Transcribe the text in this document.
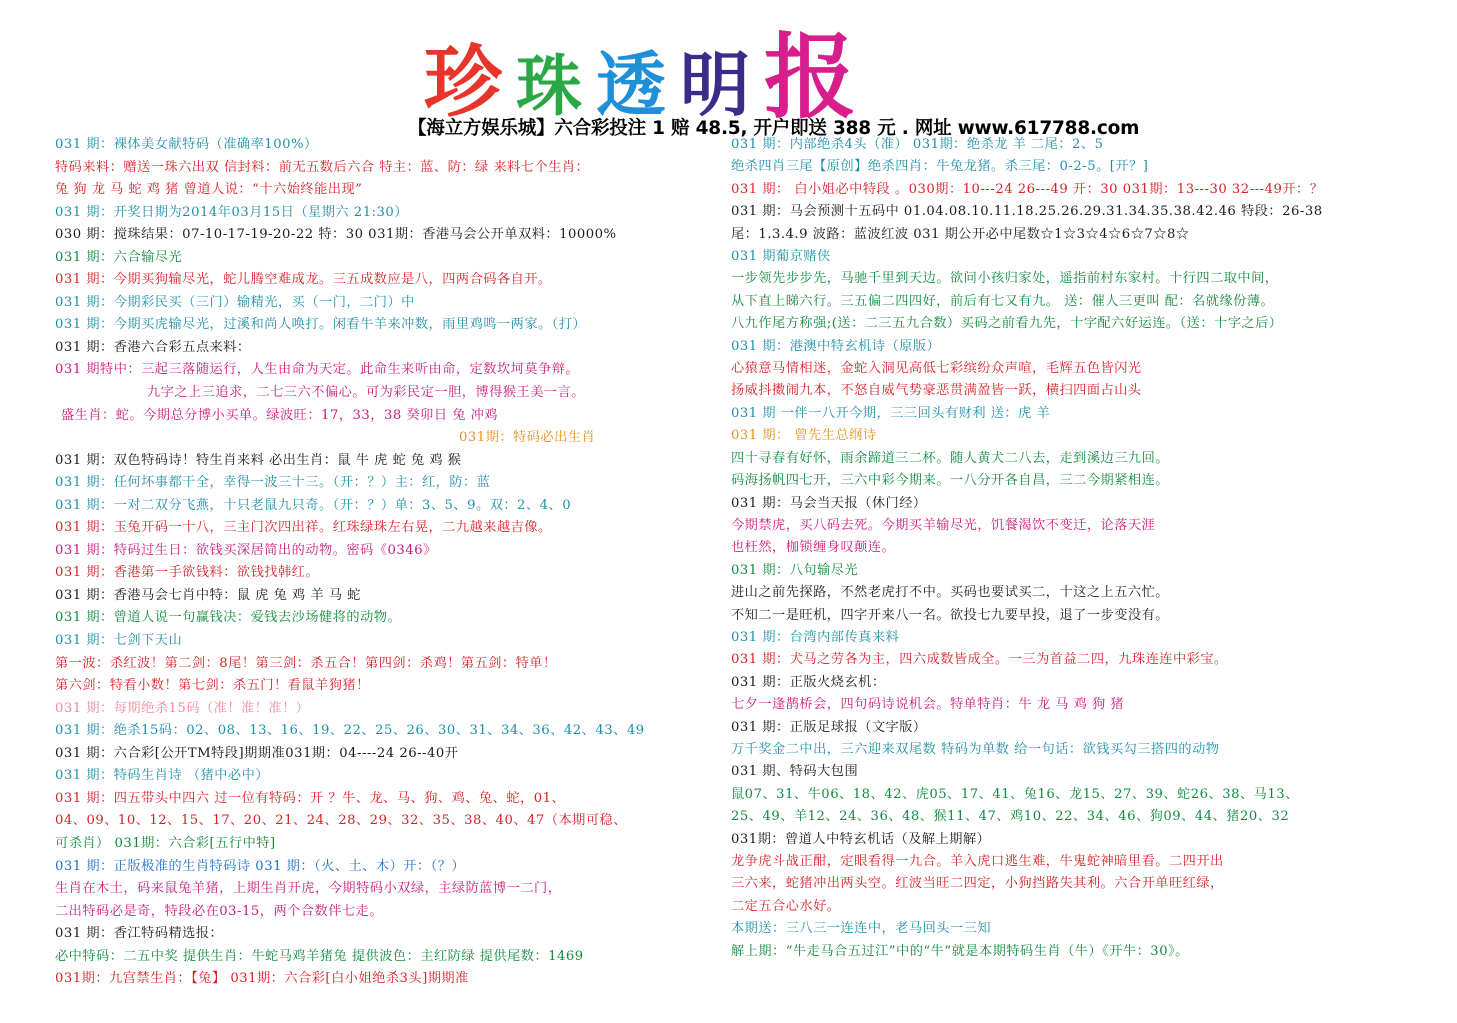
珍珠透明报
【海立方娱乐城】六合彩投注 1 赔 48.5, 开户即送 388 元 . 网址 www.617788.com
031 期：裸体美女献特码（准确率100%）
特码来料：赠送一珠六出双 信封料：前无五数后六合 特主：蓝、防：绿 来料七个生肖：
兔 狗 龙 马 蛇 鸡 猪 曾道人说：“十六始终能出现”
031 期：开奖日期为2014年03月15日（星期六 21:30）
030 期：搅珠结果：07-10-17-19-20-22 特：30 031期：香港马会公开单双料：10000%
031 期：六合输尽光
031 期：今期买狗输尽光，蛇儿腾空难成龙。三五成数应是八，四两合码各自开。
031 期：今期彩民买（三门）输精光，买（一门，二门）中
031 期：今期买虎输尽光，过溪和尚人唤打。闲看牛羊来冲数，雨里鸡鸣一两家。（打）
031 期：香港六合彩五点来料：
031 期特中：三起三落随运行，人生由命为天定。此命生来听由命，定数坎坷莫争辩。
九字之上三追求，二七三六不偏心。可为彩民定一胆，博得猴王美一言。
盛生肖：蛇。今期总分博小买单。绿波旺：17，33，38 癸卯日 兔 冲鸡
031期：特码必出生肖
031 期：双色特码诗！特生肖来料 必出生肖：鼠 牛 虎 蛇 兔 鸡 猴
031 期：任何坏事都干全，幸得一波三十三。（开：？）主：红，防：蓝
031 期：一对二双分飞燕，十只老鼠九只奇。（开：？）单：3、5、9。双：2、4、0
031 期：玉兔开码一十八，三主门次四出祥。红珠绿珠左右晃，二九越来越吉像。
031 期：特码过生日：欲钱买深居简出的动物。密码《0346》
031 期：香港第一手欲钱料：欲钱找韩红。
031 期：香港马会七肖中特：鼠 虎 兔 鸡 羊 马 蛇
031 期：曾道人说一句赢钱决：爱钱去沙场健将的动物。
031 期：七剑下天山
第一波：杀红波！第二剑：8尾！第三剑：杀五合！第四剑：杀鸡！第五剑：特单！
第六剑：特看小数！第七剑：杀五门！看鼠羊狗猪！
031 期：每期绝杀15码（准！准！准！）
031 期：绝杀15码：02、08、13、16、19、22、25、26、30、31、34、36、42、43、49
031 期：六合彩[公开TM特段]期期准031期：04----24 26--40开
031 期：特码生肖诗 （猪中必中）
031 期：四五带头中四六 过一位有特码：开 ？牛、龙、马、狗、鸡、兔、蛇，01、
04、09、10、12、15、17、20、21、24、28、29、32、35、38、40、47（本期可稳、
可杀肖） 031期：六合彩[五行中特]
031 期：正版极准的生肖特码诗 031 期：（火、土、木）开：（？）
生肖在木土，码来鼠兔羊猪，上期生肖开虎，今期特码小双绿，主绿防蓝博一二门，
二出特码必是奇，特段必在03-15，两个合数伴七走。
031 期：香江特码精选报：
必中特码：二五中奖 提供生肖：牛蛇马鸡羊猪兔 提供波色：主红防绿 提供尾数：1469
031期：九宫禁生肖：【兔】 031期：六合彩[白小姐绝杀3头]期期准
031 期：内部绝杀4头（准） 031期：绝杀龙 羊 二尾：2、5
绝杀四肖三尾【原创】绝杀四肖：牛兔龙猪。杀三尾：0-2-5。[开？]
031 期： 白小姐必中特段 。030期：10---24 26---49 开：30 031期：13---30 32---49开：？
031 期：马会预测十五码中 01.04.08.10.11.18.25.26.29.31.34.35.38.42.46 特段：26-38
尾：1.3.4.9 波路：蓝波红波 031 期公开必中尾数☆1☆3☆4☆6☆7☆8☆
031 期葡京赌侠
一步领先步步先，马驰千里到天边。欲问小孩归家处，遥指前村东家村。十行四二取中间，
从下直上睇六行。三五偏二四四好，前后有七又有九。 送：催人三更叫 配：名就缘份薄。
八九作尾方称强;(送：二三五九合数）买码之前看九先，十字配六好运连。（送：十字之后）
031 期：港澳中特玄机诗（原版）
心猿意马情相迷，金蛇入洞见高低七彩缤纷众声喧，毛辉五色皆闪光
扬威抖擞闹九本，不怒自威气势豪恶贯满盈皆一跃，横扫四面占山头
031 期 一伴一八开今期，三三回头有财利 送：虎 羊
031 期： 曾先生总纲诗
四十寻春有好怀，雨余蹄道三二杯。随人黄犬二八去，走到溪边三九回。
码海扬帆四七开，三六中彩今期来。一八分开各自昌，三二今期紧相连。
031 期：马会当天报（休门经）
今期禁虎，买八码去死。今期买羊输尽光，饥餐渴饮不变迁，论落天涯
也枉然，枷锁缠身叹颠连。
031 期：八句输尽光
进山之前先探路，不然老虎打不中。买码也要试买二，十这之上五六忙。
不知二一是旺机，四字开来八一名。欲投七九要早投，退了一步变没有。
031 期：台湾内部传真来料
031 期：犬马之劳各为主，四六成数皆成全。一三为首益二四，九珠连连中彩宝。
031 期：正版火烧玄机：
七夕一逢鹊桥会，四句码诗说机会。特单特肖：牛 龙 马 鸡 狗 猪
031 期：正版足球报（文字版）
万千奖金二中出，三六迎来双尾数 特码为单数 给一句话：欲钱买勾三搭四的动物
031 期、特码大包围
鼠07、31、牛06、18、42、虎05、17、41、兔16、龙15、27、39、蛇26、38、马13、
25、49、羊12、24、36、48、猴11、47、鸡10、22、34、46、狗09、44、猪20、32
031期：曾道人中特玄机话（及解上期解）
龙争虎斗战正酣，定眼看得一九合。羊入虎口逃生难，牛鬼蛇神暗里看。二四开出
三六来，蛇猪冲出两头空。红波当旺二四定，小狗挡路失其利。六合开单旺红绿，
二定五合心水好。
本期送：三八三一连连中，老马回头一三知
解上期：“牛走马合五过江”中的“牛”就是本期特码生肖（牛）《开牛：30》。
